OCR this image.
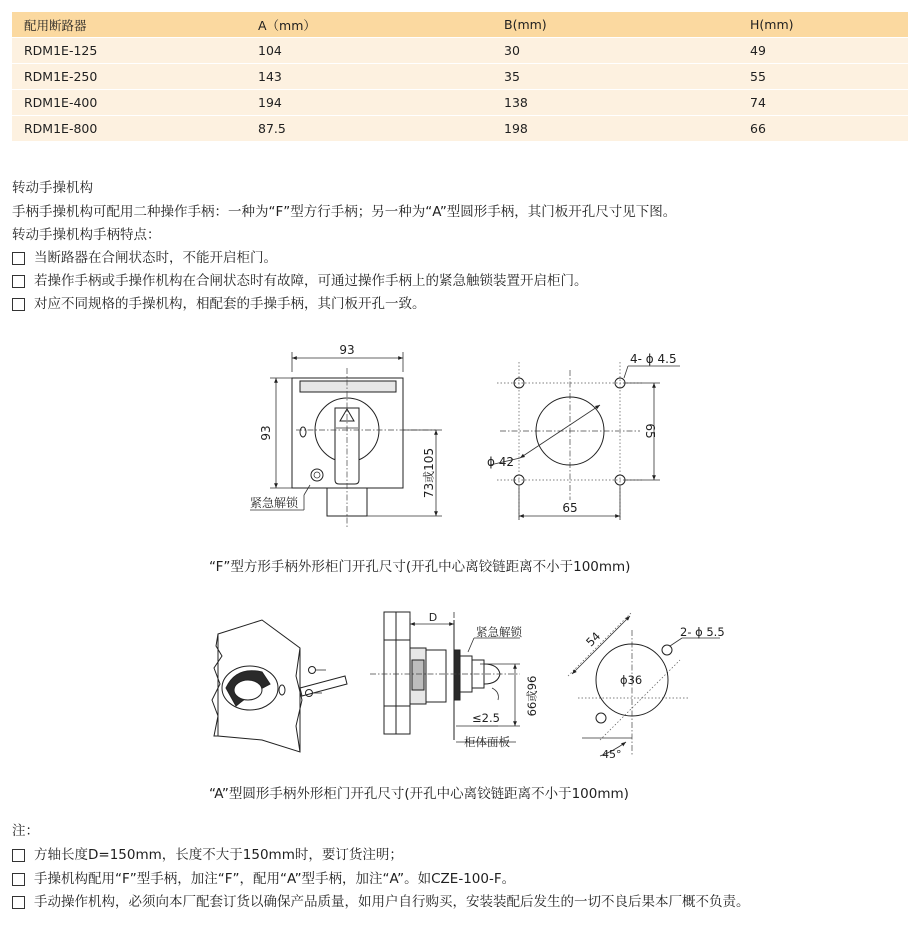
配用断路器	A（mm）	B(mm)	H(mm)
RDM1E-125	104	30	49
RDM1E-250	143	35	55
RDM1E-400	194	138	74
RDM1E-800	87.5	198	66
转动手操机构
手柄手操机构可配用二种操作手柄：一种为“F”型方行手柄；另一种为“A”型圆形手柄，其门板开孔尺寸见下图。
转动手操机构手柄特点：
当断路器在合闸状态时，不能开启柜门。
若操作手柄或手操作机构在合闸状态时有故障，可通过操作手柄上的紧急触锁装置开启柜门。
对应不同规格的手操机构，相配套的手操手柄，其门板开孔一致。
93
93
73或105
紧急解锁
4- ϕ 4.5
65
65
ϕ 42
“F”型方形手柄外形柜门开孔尺寸(开孔中心离铰链距离不小于100mm)
D
紧急解锁
66或96
≤2.5
柜体面板
54	2- ϕ 5.5
ϕ36
45°
“A”型圆形手柄外形柜门开孔尺寸(开孔中心离铰链距离不小于100mm)
注：
方轴长度D=150mm，长度不大于150mm时，要订货注明；
手操机构配用“F”型手柄，加注“F”，配用“A”型手柄，加注“A”。如CZE-100-F。
手动操作机构，必须向本厂配套订货以确保产品质量，如用户自行购买，安装装配后发生的一切不良后果本厂概不负责。
